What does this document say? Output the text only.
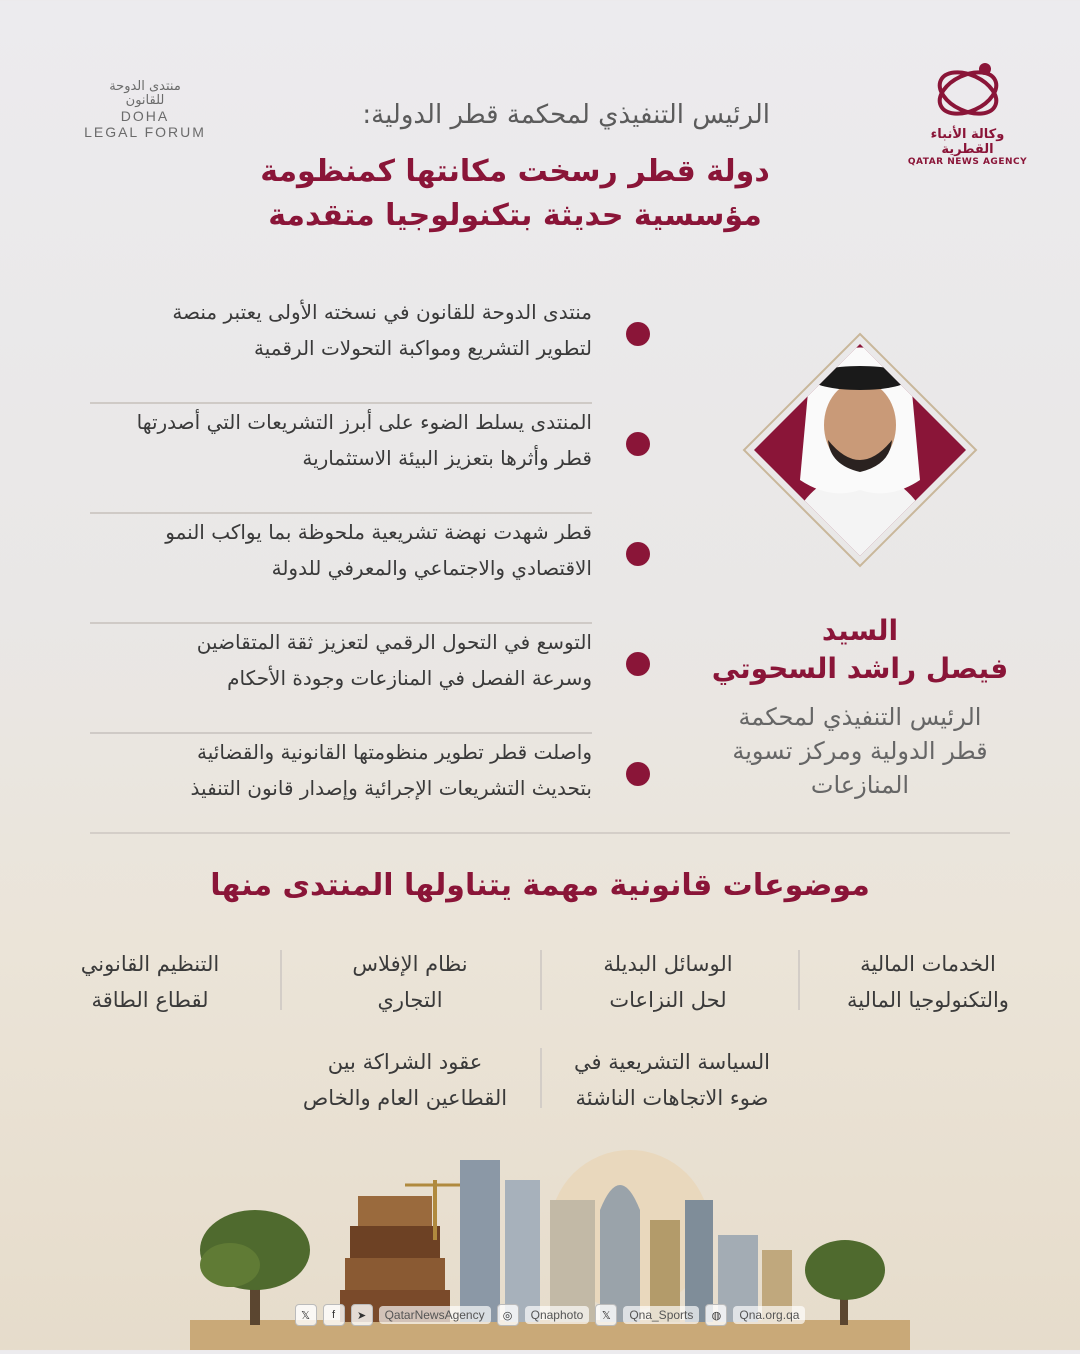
وكالة الأنباء القطرية
QATAR NEWS AGENCY
منتدى الدوحة
للقانون
DOHA
LEGAL FORUM
الرئيس التنفيذي لمحكمة قطر الدولية:
دولة قطر رسخت مكانتها كمنظومة
مؤسسية حديثة بتكنولوجيا متقدمة
منتدى الدوحة للقانون في نسخته الأولى يعتبر منصة
لتطوير التشريع ومواكبة التحولات الرقمية
المنتدى يسلط الضوء على أبرز التشريعات التي أصدرتها
قطر وأثرها بتعزيز البيئة الاستثمارية
قطر شهدت نهضة تشريعية ملحوظة بما يواكب النمو
الاقتصادي والاجتماعي والمعرفي للدولة
التوسع في التحول الرقمي لتعزيز ثقة المتقاضين
وسرعة الفصل في المنازعات وجودة الأحكام
واصلت قطر تطوير منظومتها القانونية والقضائية
بتحديث التشريعات الإجرائية وإصدار قانون التنفيذ
السيد
فيصل راشد السحوتي
الرئيس التنفيذي لمحكمة
قطر الدولية ومركز تسوية
المنازعات
موضوعات قانونية مهمة يتناولها المنتدى منها
الخدمات المالية
والتكنولوجيا المالية
الوسائل البديلة
لحل النزاعات
نظام الإفلاس
التجاري
التنظيم القانوني
لقطاع الطاقة
السياسة التشريعية في
ضوء الاتجاهات الناشئة
عقود الشراكة بين
القطاعين العام والخاص
𝕏	f	➤	QatarNewsAgency	◎	Qnaphoto	𝕏	Qna_Sports	◍	Qna.org.qa
